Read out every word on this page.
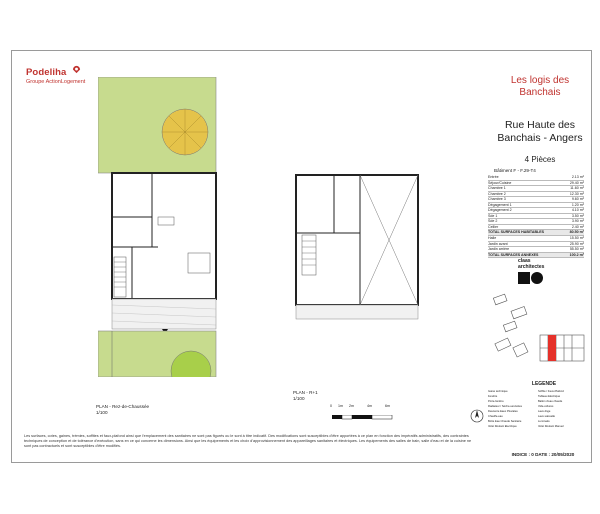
Podeliha
Groupe ActionLogement	Les logis des Banchais
Rue Haute des Banchais - Angers
4 Pièces
Bâtiment F - F.29-T4
Entrée	2.13 m²
Séjour/Cuisine	29.40 m²
Chambre 1	11.60 m²
Chambre 2	12.30 m²
Chambre 3	9.60 m²
Dégagement 1	1.20 m²
Dégagement 2	4.10 m²
Sde 1	3.50 m²
Sde 2	3.90 m²
Cellier	2.40 m²
TOTAL SURFACES HABITABLES	80.50 m²
Halle	15.50 m²
Jardin avant	25.90 m²
Jardin arrière	55.50 m²
TOTAL SURFACES ANNEXES	100.2 m²
claas
architectes
LEGENDE
Gaine technique	Soffite / Faux-Plafond
Fenêtre	Tableau Electrique
Porte-fenêtre	Ballon d'eau chaude
Radiateur / Sèche-serviettes	Vide-ordures
Descente Eaux Pluviales	Lave-linge
Chauffe-eau	Lave-vaisselle
Boîte Eau Chaude Sanitaire	Luminaire
Volet Roulant Electrique	Volet Roulant Manuel
PLAN - Rez-de-Chaussée
1/100
PLAN - R+1
1/100
0 1m 2m	4m	6m
Les surfaces, cotes, gaines, trémies, soffites et faux-plafond ainsi que l'emplacement des sanitaires ne sont pas figurés ou le sont à titre indicatif. Des modifications sont susceptibles d'être apportées à ce plan en fonction des impératifs administratifs, des contraintes techniques de conception et de tolérance d'exécution, sans en ce qui concerne les dimensions. Ainsi que les équipements et les choix d'approvisionnement des appareillages sanitaires et électriques. Les équipements des salles de bain, salle d'eau et de la cuisine ne sont pas contractuels et sont susceptibles d'être modifiés.
INDICE : 0 DATE : 20/05/2020
